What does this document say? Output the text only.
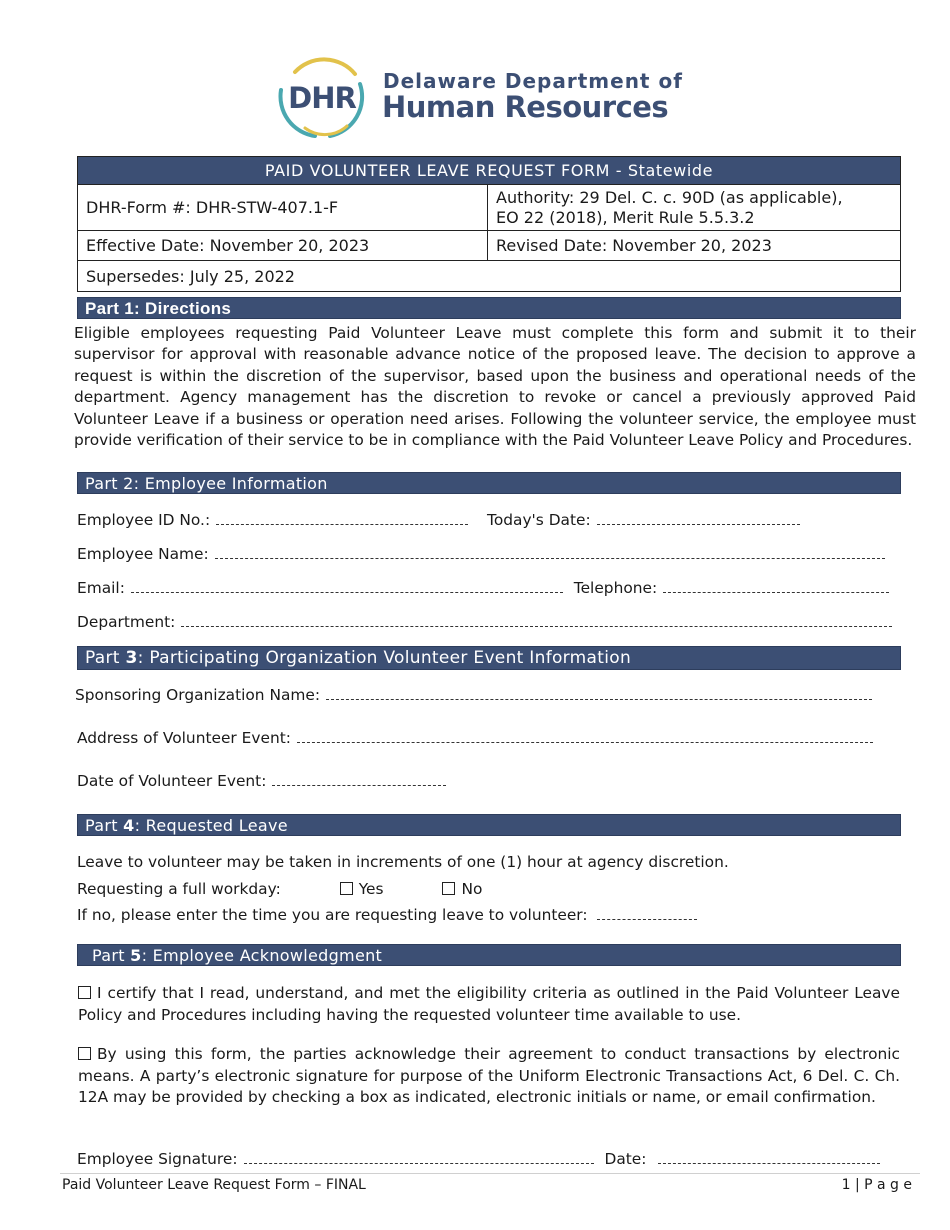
DHR Delaware Department of
Human Resources
PAID VOLUNTEER LEAVE REQUEST FORM - Statewide
DHR-Form #: DHR-STW-407.1-F
Authority: 29 Del. C. c. 90D (as applicable),
EO 22 (2018), Merit Rule 5.5.3.2
Effective Date: November 20, 2023	Revised Date: November 20, 2023
Supersedes: July 25, 2022
Part 1: Directions
Eligible employees requesting Paid Volunteer Leave must complete this form and submit it to their supervisor for approval with reasonable advance notice of the proposed leave. The decision to approve a request is within the discretion of the supervisor, based upon the business and operational needs of the department. Agency management has the discretion to revoke or cancel a previously approved Paid Volunteer Leave if a business or operation need arises. Following the volunteer service, the employee must provide verification of their service to be in compliance with the Paid Volunteer Leave Policy and Procedures.
Part 2: Employee Information
Employee ID No.:	Today's Date:
Employee Name:
Email:	Telephone:
Department:
Part 3: Participating Organization Volunteer Event Information
Sponsoring Organization Name:
Address of Volunteer Event:
Date of Volunteer Event:
Part 4: Requested Leave
Leave to volunteer may be taken in increments of one (1) hour at agency discretion.
Requesting a full workday:	Yes	No
If no, please enter the time you are requesting leave to volunteer:
Part 5: Employee Acknowledgment
I certify that I read, understand, and met the eligibility criteria as outlined in the Paid Volunteer Leave Policy and Procedures including having the requested volunteer time available to use.
By using this form, the parties acknowledge their agreement to conduct transactions by electronic means. A party’s electronic signature for purpose of the Uniform Electronic Transactions Act, 6 Del. C. Ch. 12A may be provided by checking a box as indicated, electronic initials or name, or email confirmation.
Employee Signature:	Date:
Paid Volunteer Leave Request Form – FINAL	1 | P a g e
